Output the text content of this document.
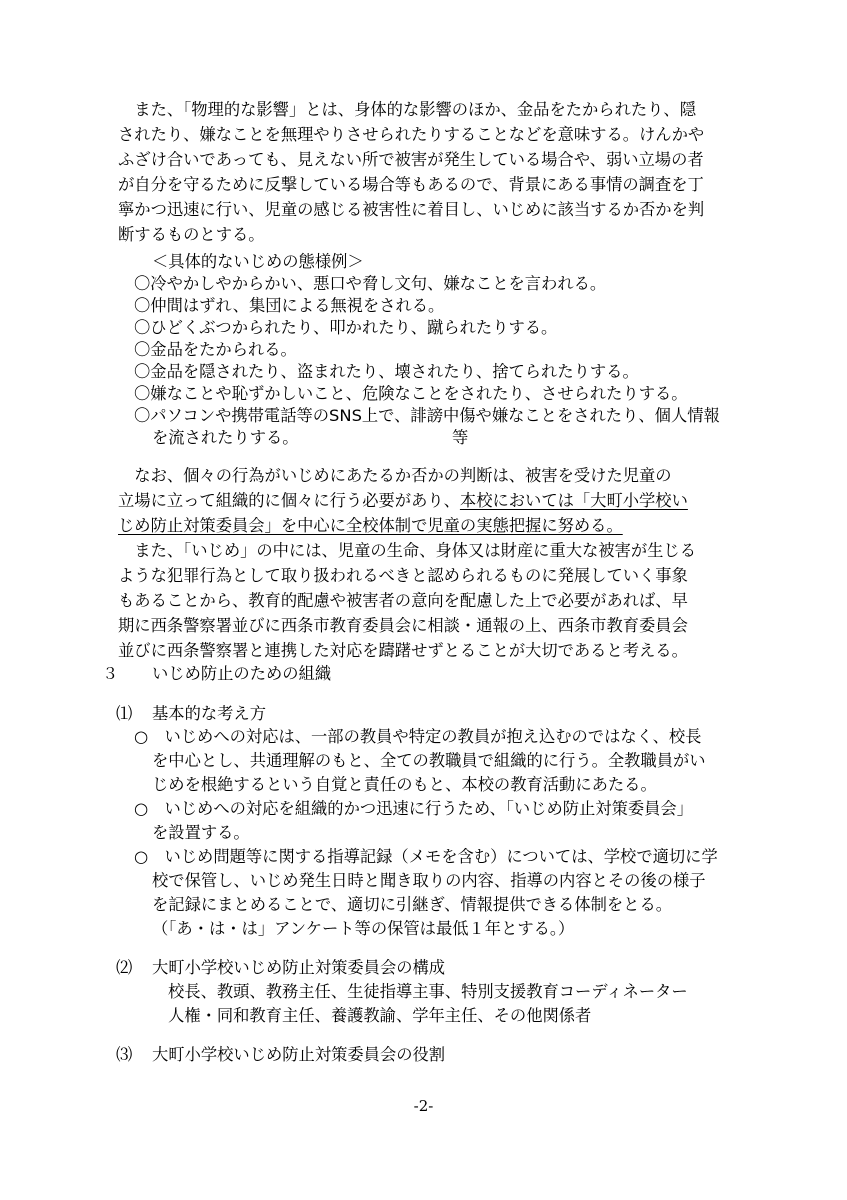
　また、「物理的な影響」とは、身体的な影響のほか、金品をたかられたり、隠

されたり、嫌なことを無理やりさせられたりすることなどを意味する。けんかや

ふざけ合いであっても、見えない所で被害が発生している場合や、弱い立場の者

が自分を守るために反撃している場合等もあるので、背景にある事情の調査を丁

寧かつ迅速に行い、児童の感じる被害性に着目し、いじめに該当するか否かを判

断するものとする。

＜具体的ないじめの態様例＞

〇冷やかしやからかい、悪口や脅し文句、嫌なことを言われる。

〇仲間はずれ、集団による無視をされる。

〇ひどくぶつかられたり、叩かれたり、蹴られたりする。

〇金品をたかられる。

〇金品を隠されたり、盗まれたり、壊されたり、捨てられたりする。

〇嫌なことや恥ずかしいこと、危険なことをされたり、させられたりする。

〇パソコンや携帯電話等のSNS上で、誹謗中傷や嫌なことをされたり、個人情報

を流されたりする。	等

　なお、個々の行為がいじめにあたるか否かの判断は、被害を受けた児童の

立場に立って組織的に個々に行う必要があり、本校においては「大町小学校い

じめ防止対策委員会」を中心に全校体制で児童の実態把握に努める。

　また、「いじめ」の中には、児童の生命、身体又は財産に重大な被害が生じる

ような犯罪行為として取り扱われるべきと認められるものに発展していく事象

もあることから、教育的配慮や被害者の意向を配慮した上で必要があれば、早

期に西条警察署並びに西条市教育委員会に相談・通報の上、西条市教育委員会

並びに西条警察署と連携した対応を躊躇せずとることが大切であると考える。

３ いじめ防止のための組織
⑴ 基本的な考え方

○　いじめへの対応は、一部の教員や特定の教員が抱え込むのではなく、校長

を中心とし、共通理解のもと、全ての教職員で組織的に行う。全教職員がい

じめを根絶するという自覚と責任のもと、本校の教育活動にあたる。

○　いじめへの対応を組織的かつ迅速に行うため、「いじめ防止対策委員会」

を設置する。

○　いじめ問題等に関する指導記録（メモを含む）については、学校で適切に学

校で保管し、いじめ発生日時と聞き取りの内容、指導の内容とその後の様子

を記録にまとめることで、適切に引継ぎ、情報提供できる体制をとる。

（「あ・は・は」アンケート等の保管は最低１年とする。）

⑵ 大町小学校いじめ防止対策委員会の構成

校長、教頭、教務主任、生徒指導主事、特別支援教育コーディネーター

人権・同和教育主任、養護教諭、学年主任、その他関係者

⑶ 大町小学校いじめ防止対策委員会の役割
-2-
